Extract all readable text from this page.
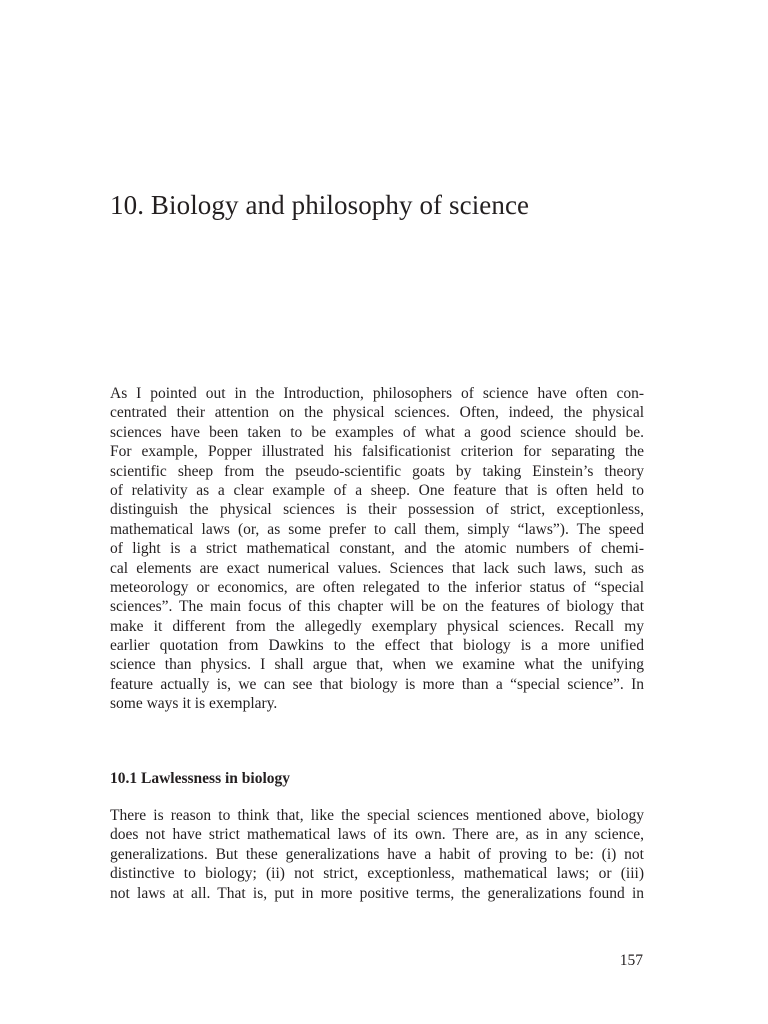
10. Biology and philosophy of science
As I pointed out in the Introduction, philosophers of science have often con-
centrated their attention on the physical sciences. Often, indeed, the physical
sciences have been taken to be examples of what a good science should be.
For example, Popper illustrated his falsificationist criterion for separating the
scientific sheep from the pseudo-scientific goats by taking Einstein’s theory
of relativity as a clear example of a sheep. One feature that is often held to
distinguish the physical sciences is their possession of strict, exceptionless,
mathematical laws (or, as some prefer to call them, simply “laws”). The speed
of light is a strict mathematical constant, and the atomic numbers of chemi-
cal elements are exact numerical values. Sciences that lack such laws, such as
meteorology or economics, are often relegated to the inferior status of “special
sciences”. The main focus of this chapter will be on the features of biology that
make it different from the allegedly exemplary physical sciences. Recall my
earlier quotation from Dawkins to the effect that biology is a more unified
science than physics. I shall argue that, when we examine what the unifying
feature actually is, we can see that biology is more than a “special science”. In
some ways it is exemplary.
10.1 Lawlessness in biology
There is reason to think that, like the special sciences mentioned above, biology
does not have strict mathematical laws of its own. There are, as in any science,
generalizations. But these generalizations have a habit of proving to be: (i) not
distinctive to biology; (ii) not strict, exceptionless, mathematical laws; or (iii)
not laws at all. That is, put in more positive terms, the generalizations found in
157
